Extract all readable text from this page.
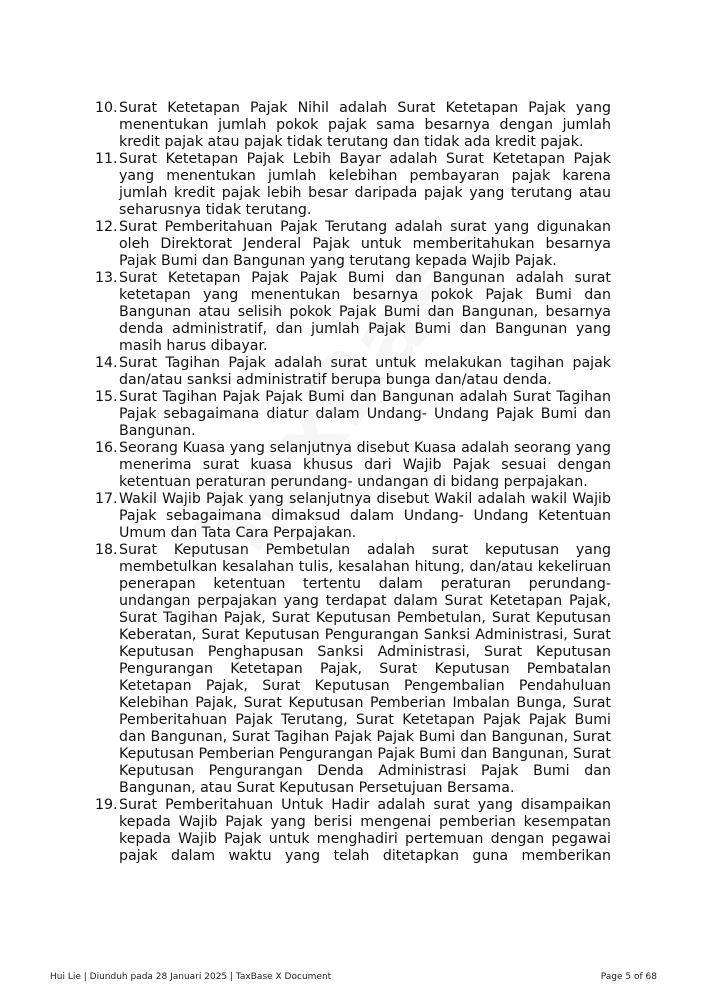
10. Surat Ketetapan Pajak Nihil adalah Surat Ketetapan Pajak yang menentukan jumlah pokok pajak sama besarnya dengan jumlah kredit pajak atau pajak tidak terutang dan tidak ada kredit pajak.
11. Surat Ketetapan Pajak Lebih Bayar adalah Surat Ketetapan Pajak yang menentukan jumlah kelebihan pembayaran pajak karena jumlah kredit pajak lebih besar daripada pajak yang terutang atau seharusnya tidak terutang.
12. Surat Pemberitahuan Pajak Terutang adalah surat yang digunakan oleh Direktorat Jenderal Pajak untuk memberitahukan besarnya Pajak Bumi dan Bangunan yang terutang kepada Wajib Pajak.
13. Surat Ketetapan Pajak Pajak Bumi dan Bangunan adalah surat ketetapan yang menentukan besarnya pokok Pajak Bumi dan Bangunan atau selisih pokok Pajak Bumi dan Bangunan, besarnya denda administratif, dan jumlah Pajak Bumi dan Bangunan yang masih harus dibayar.
14. Surat Tagihan Pajak adalah surat untuk melakukan tagihan pajak dan/atau sanksi administratif berupa bunga dan/atau denda.
15. Surat Tagihan Pajak Pajak Bumi dan Bangunan adalah Surat Tagihan Pajak sebagaimana diatur dalam Undang- Undang Pajak Bumi dan Bangunan.
16. Seorang Kuasa yang selanjutnya disebut Kuasa adalah seorang yang menerima surat kuasa khusus dari Wajib Pajak sesuai dengan ketentuan peraturan perundang- undangan di bidang perpajakan.
17. Wakil Wajib Pajak yang selanjutnya disebut Wakil adalah wakil Wajib Pajak sebagaimana dimaksud dalam Undang- Undang Ketentuan Umum dan Tata Cara Perpajakan.
18. Surat Keputusan Pembetulan adalah surat keputusan yang membetulkan kesalahan tulis, kesalahan hitung, dan/atau kekeliruan penerapan ketentuan tertentu dalam peraturan perundang-undangan perpajakan yang terdapat dalam Surat Ketetapan Pajak, Surat Tagihan Pajak, Surat Keputusan Pembetulan, Surat Keputusan Keberatan, Surat Keputusan Pengurangan Sanksi Administrasi, Surat Keputusan Penghapusan Sanksi Administrasi, Surat Keputusan Pengurangan Ketetapan Pajak, Surat Keputusan Pembatalan Ketetapan Pajak, Surat Keputusan Pengembalian Pendahuluan Kelebihan Pajak, Surat Keputusan Pemberian Imbalan Bunga, Surat Pemberitahuan Pajak Terutang, Surat Ketetapan Pajak Pajak Bumi dan Bangunan, Surat Tagihan Pajak Pajak Bumi dan Bangunan, Surat Keputusan Pemberian Pengurangan Pajak Bumi dan Bangunan, Surat Keputusan Pengurangan Denda Administrasi Pajak Bumi dan Bangunan, atau Surat Keputusan Persetujuan Bersama.
19. Surat Pemberitahuan Untuk Hadir adalah surat yang disampaikan kepada Wajib Pajak yang berisi mengenai pemberian kesempatan kepada Wajib Pajak untuk menghadiri pertemuan dengan pegawai pajak dalam waktu yang telah ditetapkan guna memberikan
Hui Lie | Diunduh pada 28 Januari 2025 | TaxBase X Document	Page 5 of 68
